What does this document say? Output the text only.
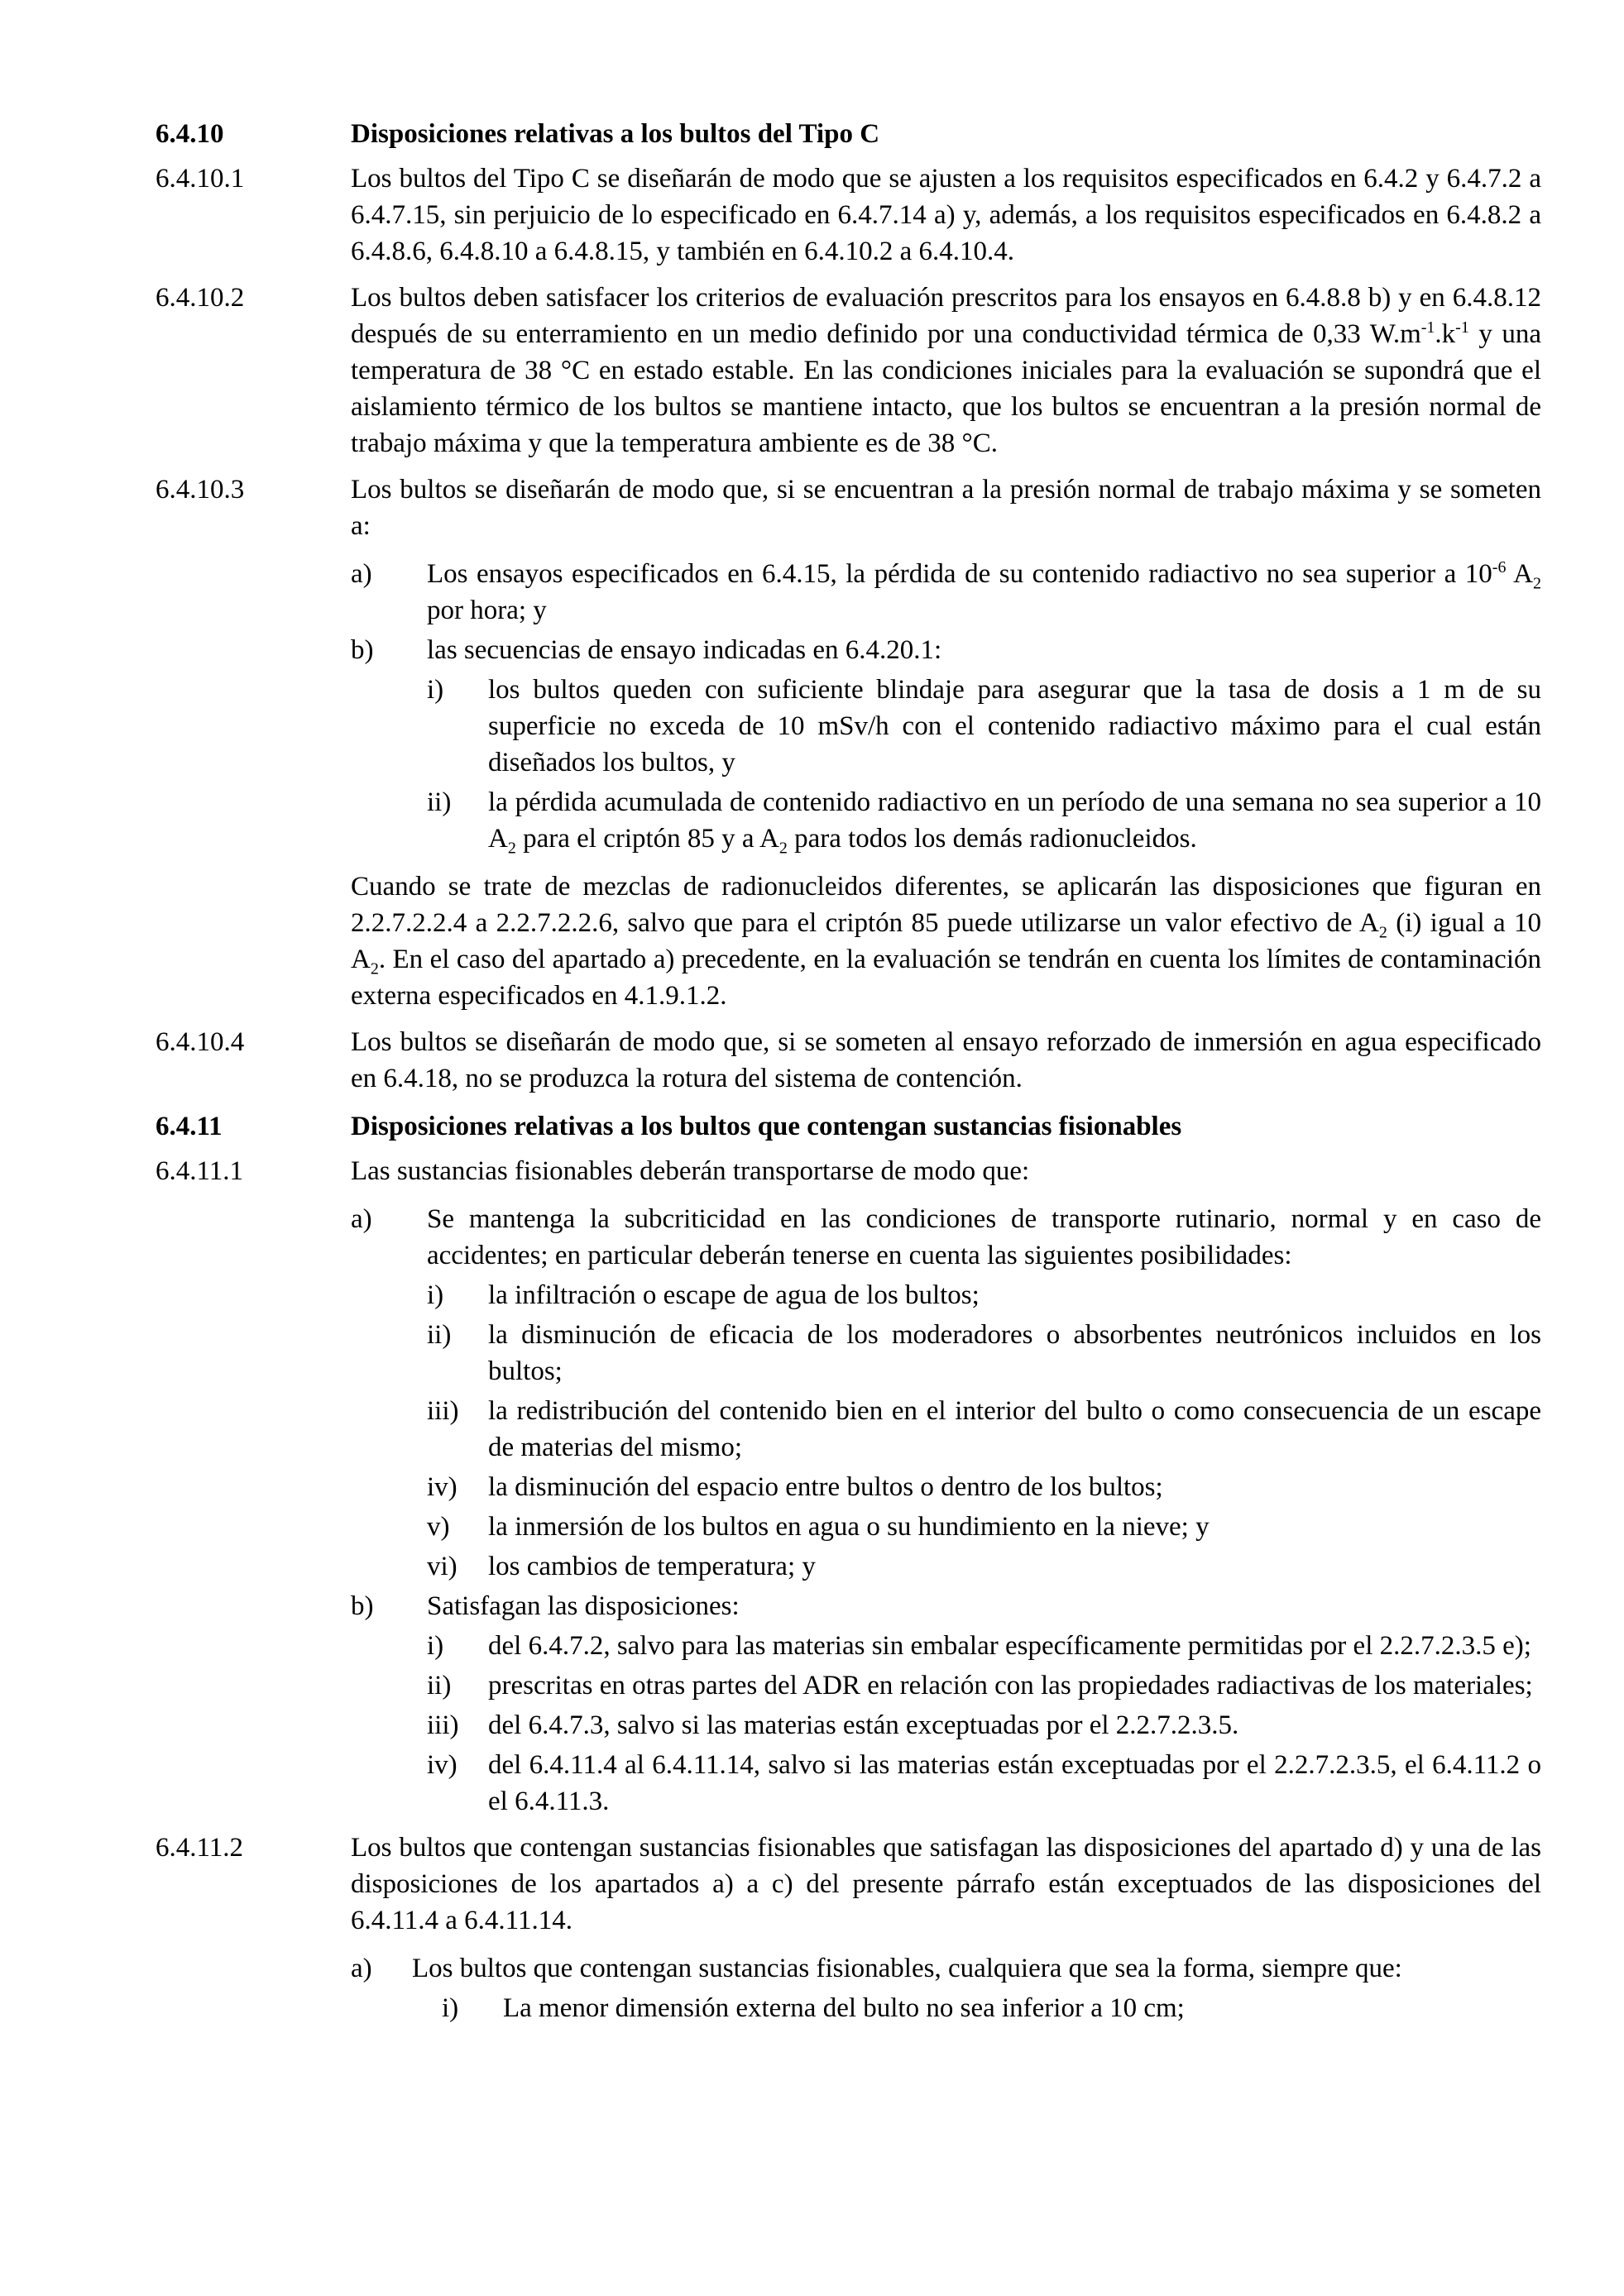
6.4.10	Disposiciones relativas a los bultos del Tipo C
6.4.10.1	Los bultos del Tipo C se diseñarán de modo que se ajusten a los requisitos especificados en 6.4.2 y 6.4.7.2 a 6.4.7.15, sin perjuicio de lo especificado en 6.4.7.14 a) y, además, a los requisitos especificados en 6.4.8.2 a 6.4.8.6, 6.4.8.10 a 6.4.8.15, y también en 6.4.10.2 a 6.4.10.4.
6.4.10.2	Los bultos deben satisfacer los criterios de evaluación prescritos para los ensayos en 6.4.8.8 b) y en 6.4.8.12 después de su enterramiento en un medio definido por una conductividad térmica de 0,33 $W.m^{-1}.k^{-1}$ y una temperatura de 38 °C en estado estable. En las condiciones iniciales para la evaluación se supondrá que el aislamiento térmico de los bultos se mantiene intacto, que los bultos se encuentran a la presión normal de trabajo máxima y que la temperatura ambiente es de 38 °C.
6.4.10.3	Los bultos se diseñarán de modo que, si se encuentran a la presión normal de trabajo máxima y se someten a:
a)	Los ensayos especificados en 6.4.15, la pérdida de su contenido radiactivo no sea superior a $10^{-6}$ $A_2$ por hora; y
b)	las secuencias de ensayo indicadas en 6.4.20.1:
i)	los bultos queden con suficiente blindaje para asegurar que la tasa de dosis a 1 m de su superficie no exceda de 10 mSv/h con el contenido radiactivo máximo para el cual están diseñados los bultos, y
ii)	la pérdida acumulada de contenido radiactivo en un período de una semana no sea superior a 10 $A_2$ para el criptón 85 y a $A_2$ para todos los demás radionucleidos.
Cuando se trate de mezclas de radionucleidos diferentes, se aplicarán las disposiciones que figuran en 2.2.7.2.2.4 a 2.2.7.2.2.6, salvo que para el criptón 85 puede utilizarse un valor efectivo de $A_2$ (i) igual a 10 $A_2$. En el caso del apartado a) precedente, en la evaluación se tendrán en cuenta los límites de contaminación externa especificados en 4.1.9.1.2.
6.4.10.4	Los bultos se diseñarán de modo que, si se someten al ensayo reforzado de inmersión en agua especificado en 6.4.18, no se produzca la rotura del sistema de contención.
6.4.11	Disposiciones relativas a los bultos que contengan sustancias fisionables
6.4.11.1	Las sustancias fisionables deberán transportarse de modo que:
a)	Se mantenga la subcriticidad en las condiciones de transporte rutinario, normal y en caso de accidentes; en particular deberán tenerse en cuenta las siguientes posibilidades:
i)	la infiltración o escape de agua de los bultos;
ii)	la disminución de eficacia de los moderadores o absorbentes neutrónicos incluidos en los bultos;
iii)	la redistribución del contenido bien en el interior del bulto o como consecuencia de un escape de materias del mismo;
iv)	la disminución del espacio entre bultos o dentro de los bultos;
v)	la inmersión de los bultos en agua o su hundimiento en la nieve; y
vi)	los cambios de temperatura; y
b)	Satisfagan las disposiciones:
i)	del 6.4.7.2, salvo para las materias sin embalar específicamente permitidas por el 2.2.7.2.3.5 e);
ii)	prescritas en otras partes del ADR en relación con las propiedades radiactivas de los materiales;
iii)	del 6.4.7.3, salvo si las materias están exceptuadas por el 2.2.7.2.3.5.
iv)	del 6.4.11.4 al 6.4.11.14, salvo si las materias están exceptuadas por el 2.2.7.2.3.5, el 6.4.11.2 o el 6.4.11.3.
6.4.11.2	Los bultos que contengan sustancias fisionables que satisfagan las disposiciones del apartado d) y una de las disposiciones de los apartados a) a c) del presente párrafo están exceptuados de las disposiciones del 6.4.11.4 a 6.4.11.14.
a)	Los bultos que contengan sustancias fisionables, cualquiera que sea la forma, siempre que:
i)	La menor dimensión externa del bulto no sea inferior a 10 cm;
